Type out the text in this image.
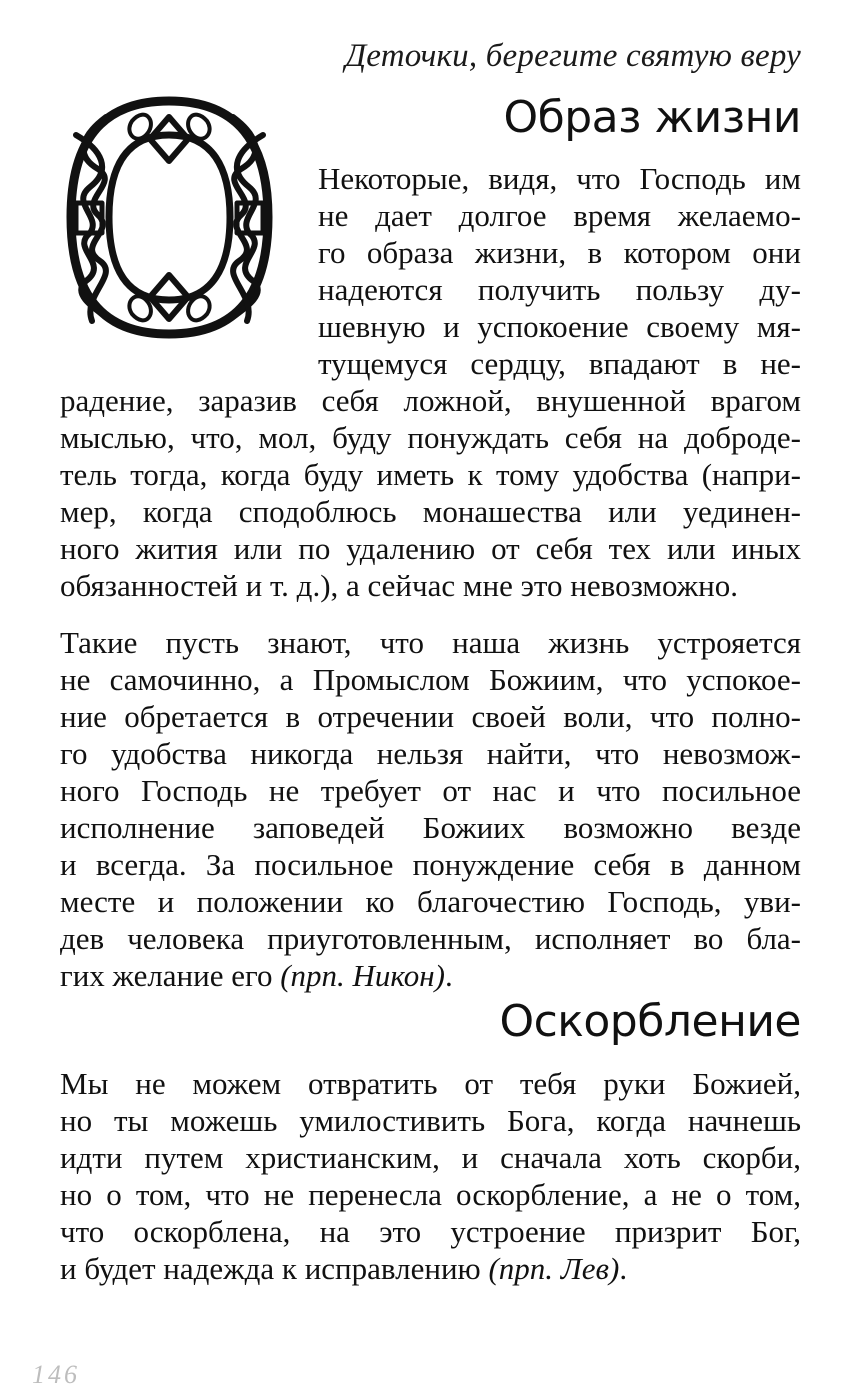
Деточки, берегите святую веру
Образ жизни

Некоторые, видя, что Господь им

не дает долгое время желаемо-

го образа жизни, в котором они

надеются получить пользу ду-

шевную и успокоение своему мя-

тущемуся сердцу, впадают в не-

радение, заразив себя ложной, внушенной врагом

мыслью, что, мол, буду понуждать себя на доброде-

тель тогда, когда буду иметь к тому удобства (напри-

мер, когда сподоблюсь монашества или уединен-

ного жития или по удалению от себя тех или иных

обязанностей и т. д.), а сейчас мне это невозможно.

Такие пусть знают, что наша жизнь устрояется

не самочинно, а Промыслом Божиим, что успокое-

ние обретается в отречении своей воли, что полно-

го удобства никогда нельзя найти, что невозмож-

ного Господь не требует от нас и что посильное

исполнение заповедей Божиих возможно везде

и всегда. За посильное понуждение себя в данном

месте и положении ко благочестию Господь, уви-

дев человека приуготовленным, исполняет во бла-

гих желание его (прп. Никон).

Оскорбление

Мы не можем отвратить от тебя руки Божией,

но ты можешь умилостивить Бога, когда начнешь

идти путем христианским, и сначала хоть скорби,

но о том, что не перенесла оскорбление, а не о том,

что оскорблена, на это устроение призрит Бог,

и будет надежда к исправлению (прп. Лев).

146
